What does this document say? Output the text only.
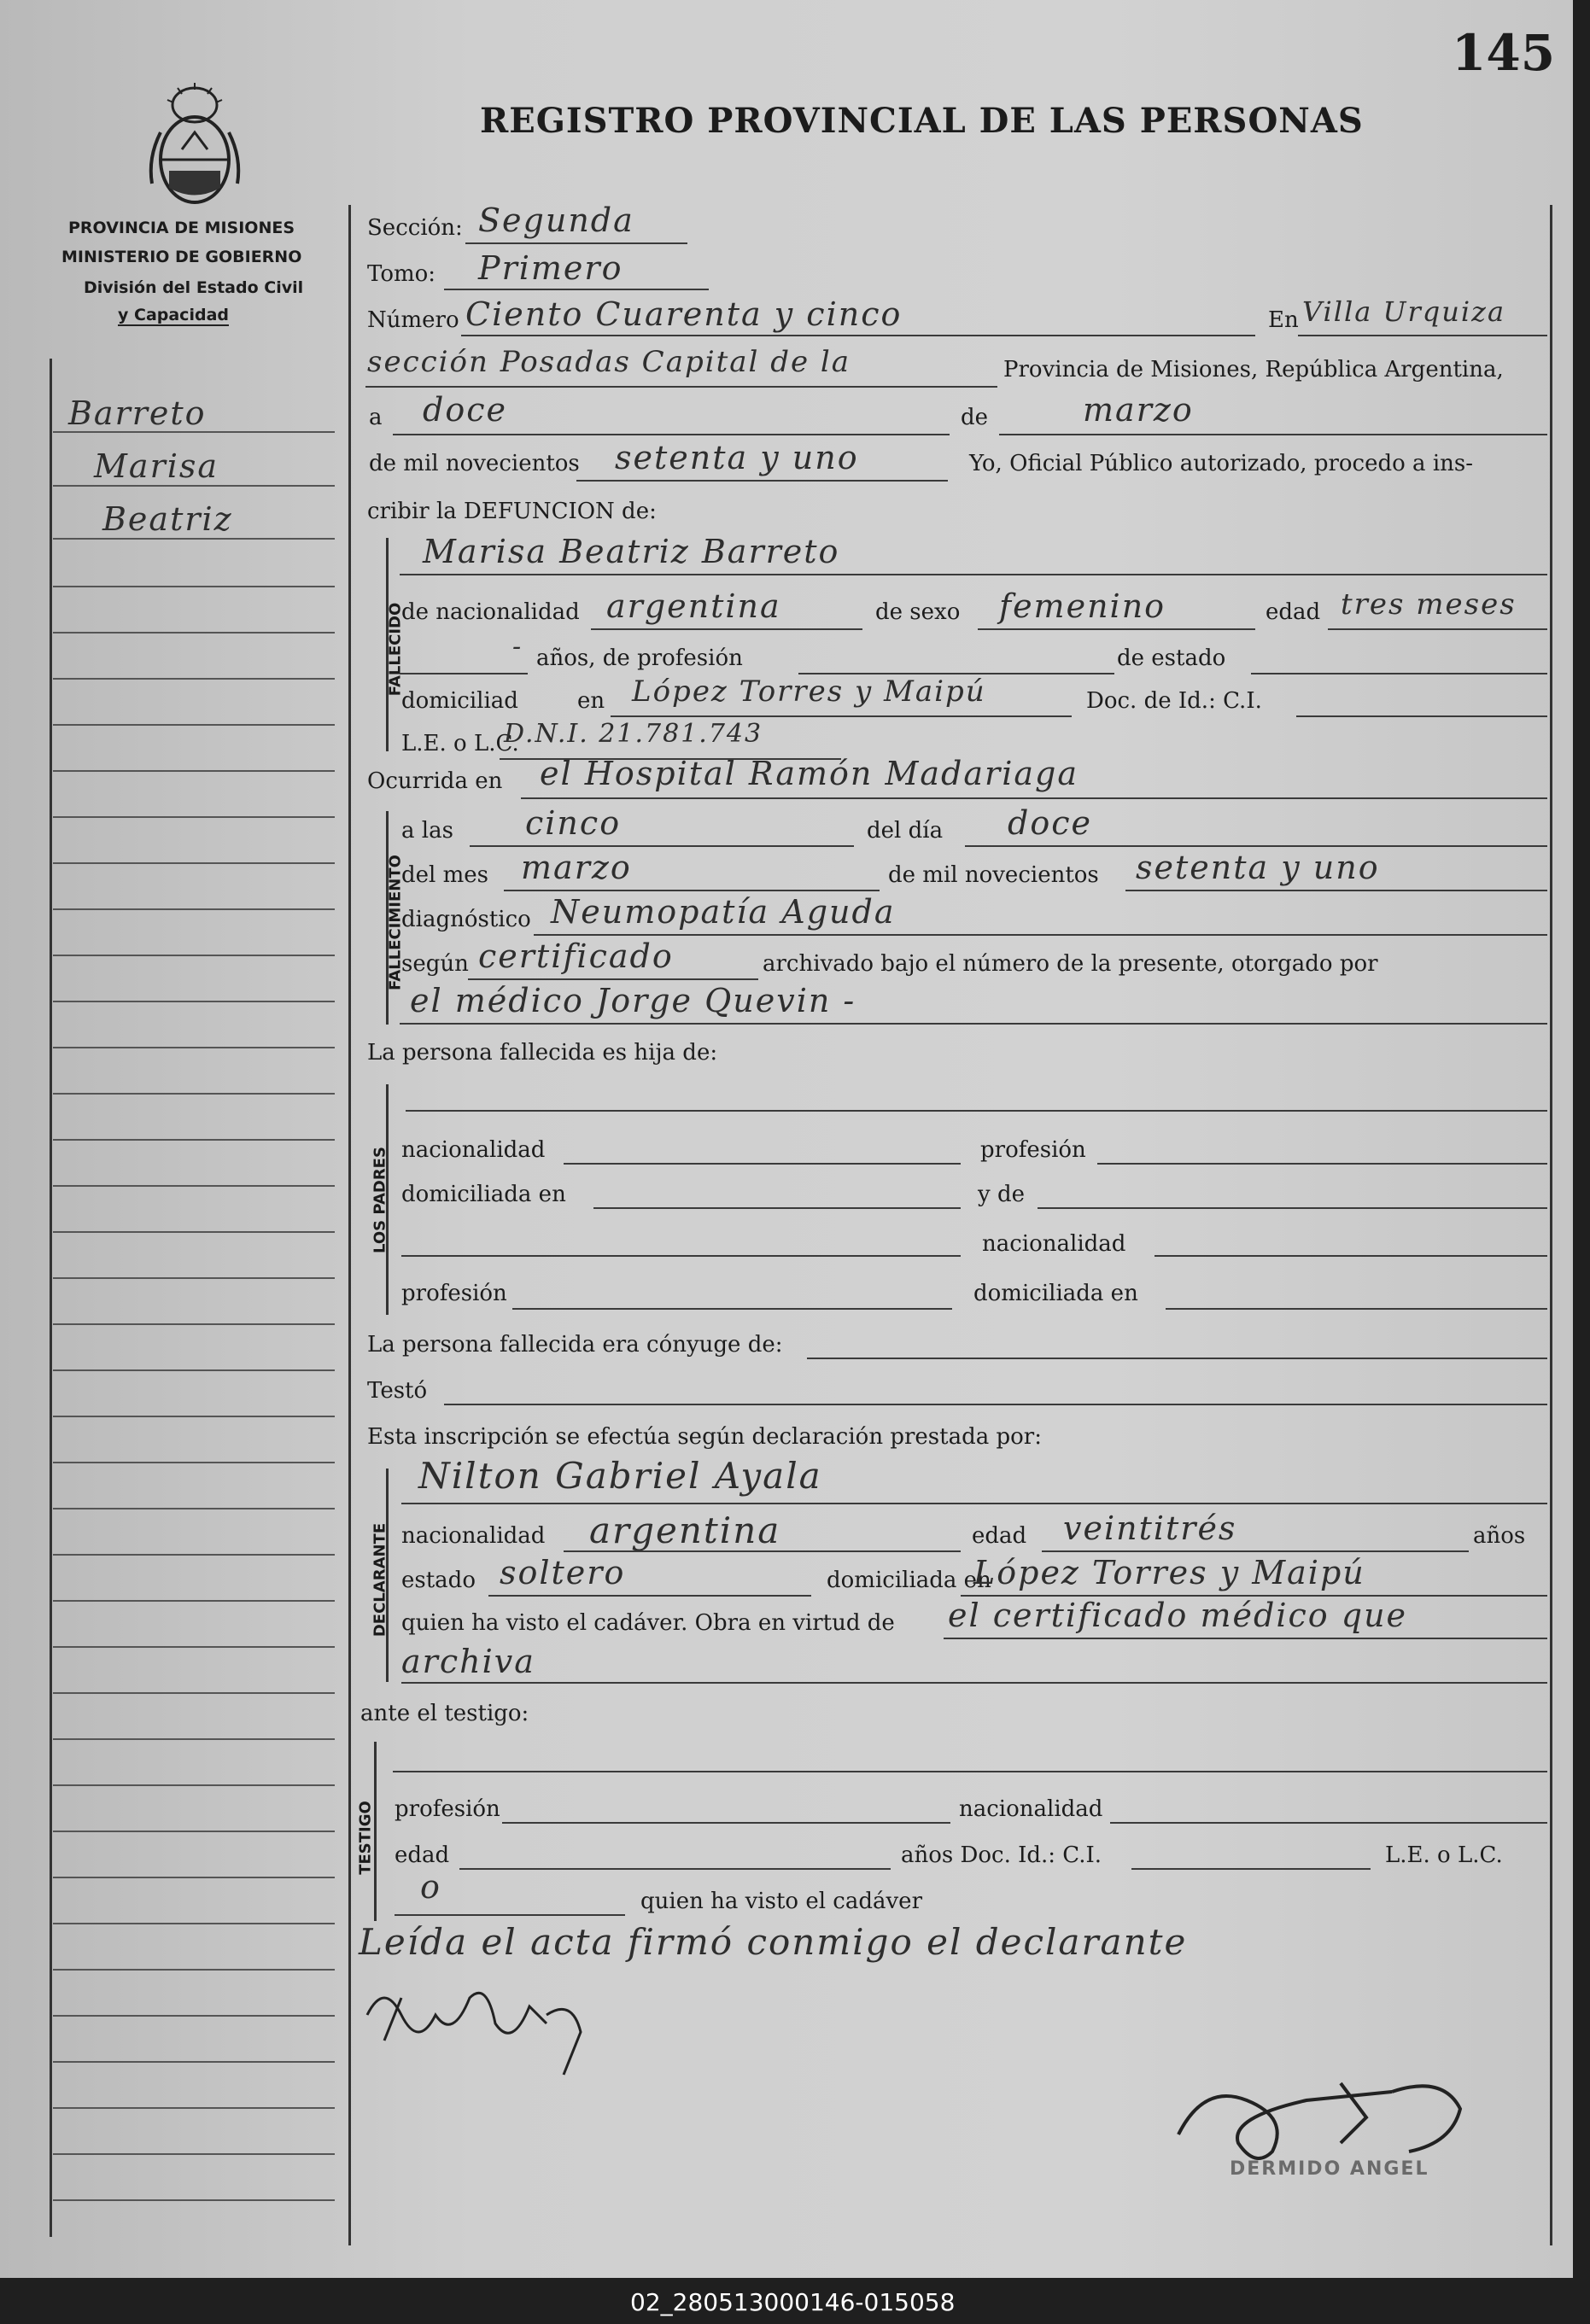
145
REGISTRO PROVINCIAL DE LAS PERSONAS
PROVINCIA DE MISIONES
MINISTERIO DE GOBIERNO
División del Estado Civil
y Capacidad
Barreto
Marisa
Beatriz
Sección: Segunda
Tomo: Primero
Número Ciento Cuarenta y cinco	En Villa Urquiza
sección Posadas Capital de la	Provincia de Misiones, República Argentina,
a doce	de	marzo
de mil novecientos setenta y uno	Yo, Oficial Público autorizado, procedo a ins-
cribir la DEFUNCION de:
FALLECIDO
Marisa Beatriz Barreto
de nacionalidad argentina	de sexo femenino	edad tres meses
- años, de profesión	de estado
domiciliad	en López Torres y Maipú	Doc. de Id.: C.I.
L.E. o L.C.
D.N.I. 21.781.743
Ocurrida en el Hospital Ramón Madariaga
FALLECIMIENTO
a las cinco	del día doce
del mes marzo	de mil novecientos setenta y uno
diagnóstico Neumopatía Aguda
según certificado	archivado bajo el número de la presente, otorgado por
el médico Jorge Quevin -
La persona fallecida es hija de:
LOS PADRES nacionalidad	profesión
domiciliada en	y de
nacionalidad
profesión	domiciliada en
La persona fallecida era cónyuge de:
Testó
Esta inscripción se efectúa según declaración prestada por:
DECLARANTE
Nilton Gabriel Ayala
nacionalidad argentina	edad veintitrés	años
estado soltero	domiciliada en
López Torres y Maipú
quien ha visto el cadáver. Obra en virtud de el certificado médico que
archiva
ante el testigo:
TESTIGO profesión	nacionalidad
edad	años Doc. Id.: C.I.	L.E. o L.C.
o	quien ha visto el cadáver
Leída el acta firmó conmigo el declarante
DERMIDO ANGEL
02_280513000146-015058
